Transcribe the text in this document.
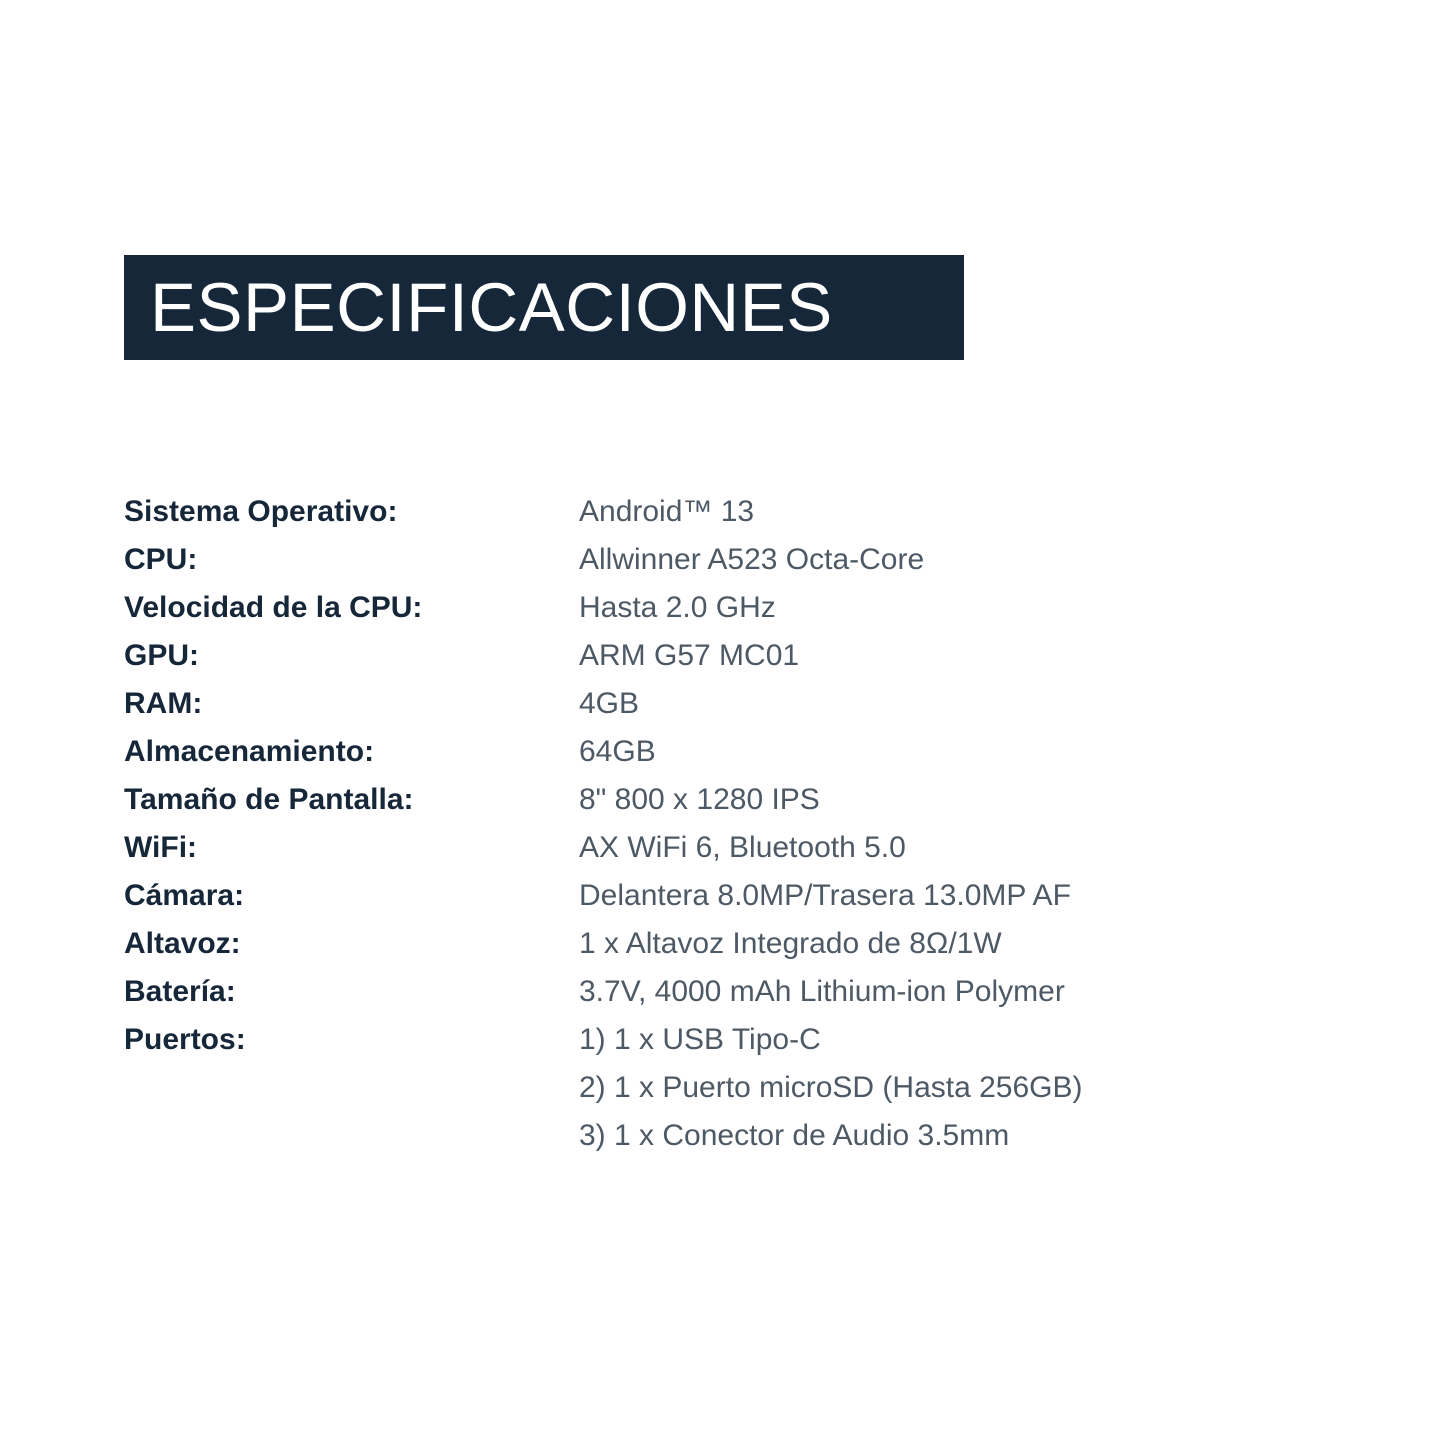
ESPECIFICACIONES
Sistema Operativo:	Android™ 13
CPU:	Allwinner A523 Octa-Core
Velocidad de la CPU:	Hasta 2.0 GHz
GPU:	ARM G57 MC01
RAM:	4GB
Almacenamiento:	64GB
Tamaño de Pantalla:	8" 800 x 1280 IPS
WiFi:	AX WiFi 6, Bluetooth 5.0
Cámara:	Delantera 8.0MP/Trasera 13.0MP AF
Altavoz:	1 x Altavoz Integrado de 8Ω/1W
Batería:	3.7V, 4000 mAh Lithium-ion Polymer
Puertos:	1) 1 x USB Tipo-C
2) 1 x Puerto microSD (Hasta 256GB)
3) 1 x Conector de Audio 3.5mm
